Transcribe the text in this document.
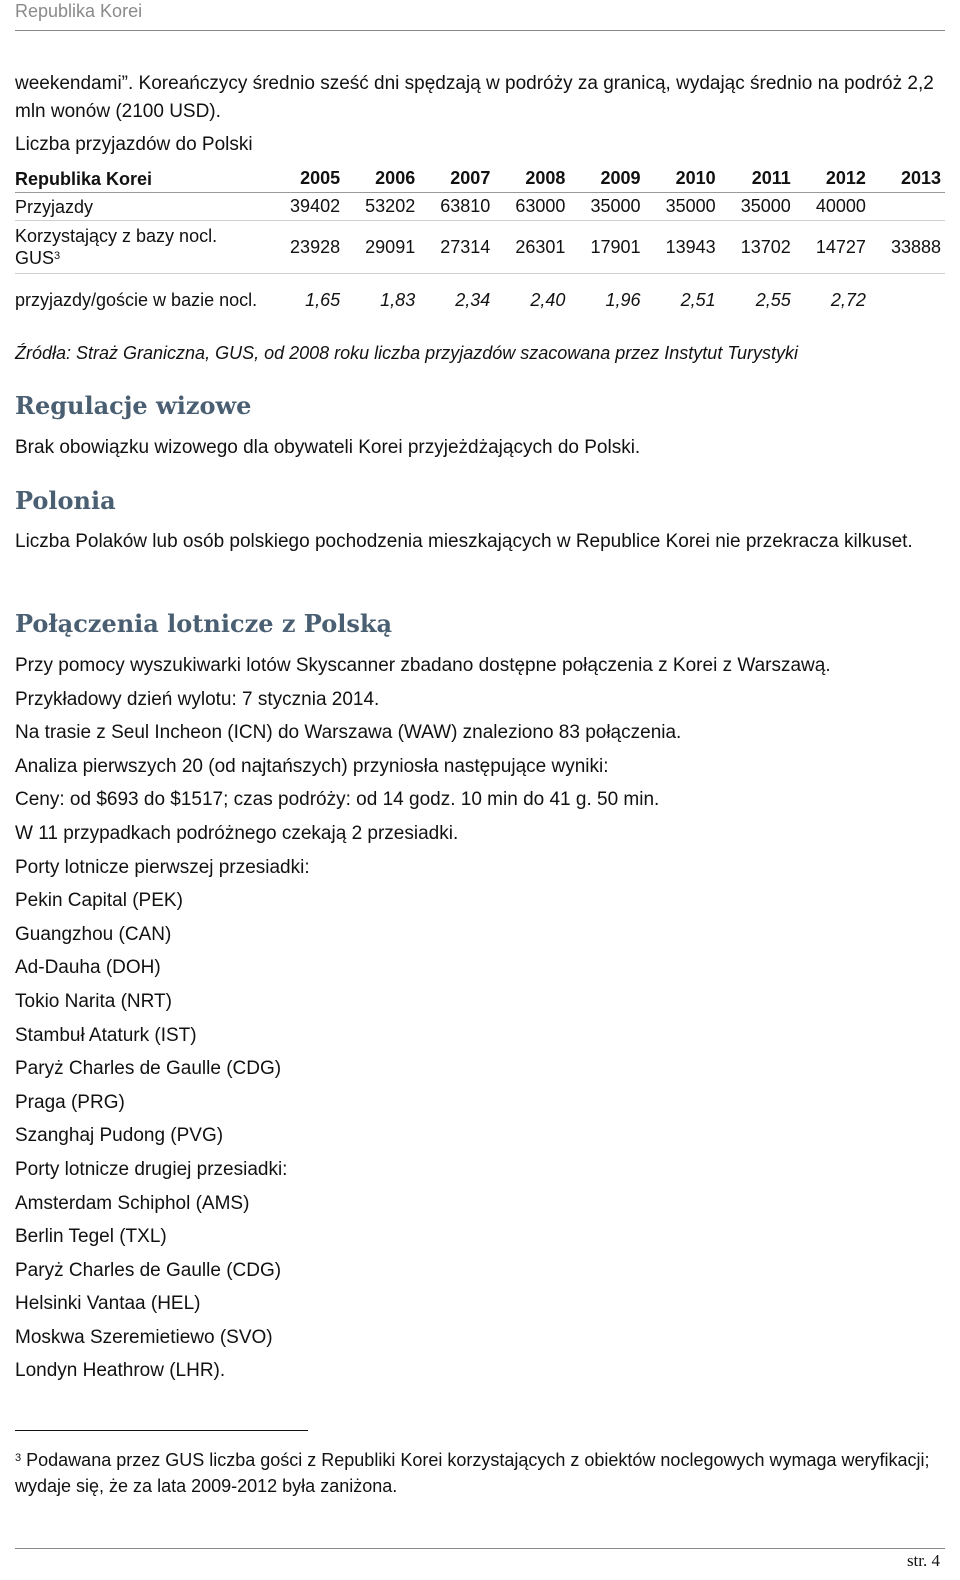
Republika Korei

weekendami”. Koreańczycy średnio sześć dni spędzają w podróży za granicą, wydając średnio na podróż 2,2 mln wonów (2100 USD).

Liczba przyjazdów do Polski
Republika Korei	2005	2006	2007	2008	2009	2010	2011	2012	2013
Przyjazdy	39402	53202	63810	63000	35000	35000	35000	40000	
Korzystający z bazy nocl. GUS$^3$	23928	29091	27314	26301	17901	13943	13702	14727	33888
przyjazdy/goście w bazie nocl.	1,65	1,83	2,34	2,40	1,96	2,51	2,55	2,72	
Źródła: Straż Graniczna, GUS, od 2008 roku liczba przyjazdów szacowana przez Instytut Turystyki
Regulacje wizowe

Brak obowiązku wizowego dla obywateli Korei przyjeżdżających do Polski.

Polonia

Liczba Polaków lub osób polskiego pochodzenia mieszkających w Republice Korei nie przekracza kilkuset.

Połączenia lotnicze z Polską
Przy pomocy wyszukiwarki lotów Skyscanner zbadano dostępne połączenia z Korei z Warszawą.
Przykładowy dzień wylotu: 7 stycznia 2014.
Na trasie z Seul Incheon (ICN) do Warszawa (WAW) znaleziono 83 połączenia.
Analiza pierwszych 20 (od najtańszych) przyniosła następujące wyniki:
Ceny: od $693 do $1517; czas podróży: od 14 godz. 10 min do 41 g. 50 min.
W 11 przypadkach podróżnego czekają 2 przesiadki.
Porty lotnicze pierwszej przesiadki:
Pekin Capital (PEK)
Guangzhou (CAN)
Ad-Dauha (DOH)
Tokio Narita (NRT)
Stambuł Ataturk (IST)
Paryż Charles de Gaulle (CDG)
Praga (PRG)
Szanghaj Pudong (PVG)
Porty lotnicze drugiej przesiadki:
Amsterdam Schiphol (AMS)
Berlin Tegel (TXL)
Paryż Charles de Gaulle (CDG)
Helsinki Vantaa (HEL)
Moskwa Szeremietiewo (SVO)
Londyn Heathrow (LHR).
$^3$ Podawana przez GUS liczba gości z Republiki Korei korzystających z obiektów noclegowych wymaga weryfikacji; wydaje się, że za lata 2009-2012 była zaniżona.
str. 4
